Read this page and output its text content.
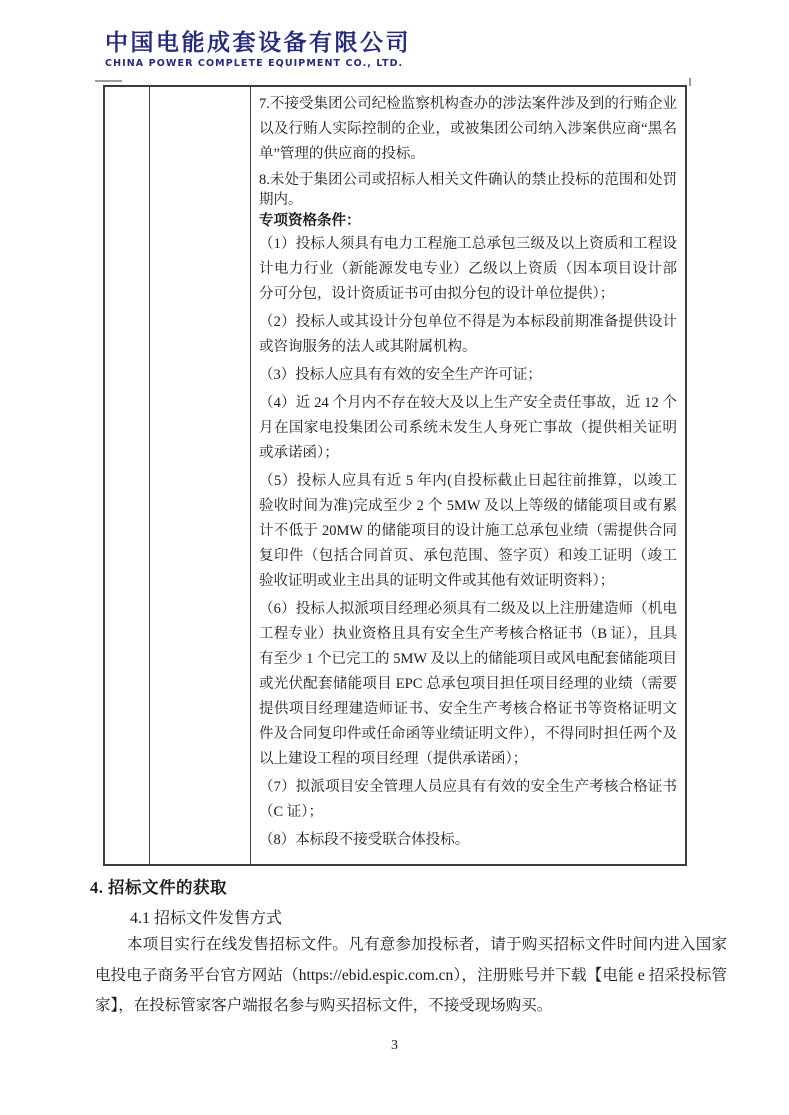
中国电能成套设备有限公司
CHINA POWER COMPLETE EQUIPMENT CO., LTD.

7.不接受集团公司纪检监察机构查办的涉法案件涉及到的行贿企业以及行贿人实际控制的企业，或被集团公司纳入涉案供应商“黑名单”管理的供应商的投标。

8.未处于集团公司或招标人相关文件确认的禁止投标的范围和处罚期内。

专项资格条件：

（1）投标人须具有电力工程施工总承包三级及以上资质和工程设计电力行业（新能源发电专业）乙级以上资质（因本项目设计部分可分包，设计资质证书可由拟分包的设计单位提供）；

（2）投标人或其设计分包单位不得是为本标段前期准备提供设计或咨询服务的法人或其附属机构。

（3）投标人应具有有效的安全生产许可证；

（4）近 24 个月内不存在较大及以上生产安全责任事故，近 12 个月在国家电投集团公司系统未发生人身死亡事故（提供相关证明或承诺函）；

（5）投标人应具有近 5 年内(自投标截止日起往前推算，以竣工验收时间为准)完成至少 2 个 5MW 及以上等级的储能项目或有累计不低于 20MW 的储能项目的设计施工总承包业绩（需提供合同复印件（包括合同首页、承包范围、签字页）和竣工证明（竣工验收证明或业主出具的证明文件或其他有效证明资料）；

（6）投标人拟派项目经理必须具有二级及以上注册建造师（机电工程专业）执业资格且具有安全生产考核合格证书（B 证），且具有至少 1 个已完工的 5MW 及以上的储能项目或风电配套储能项目或光伏配套储能项目 EPC 总承包项目担任项目经理的业绩（需要提供项目经理建造师证书、安全生产考核合格证书等资格证明文件及合同复印件或任命函等业绩证明文件），不得同时担任两个及以上建设工程的项目经理（提供承诺函）；

（7）拟派项目安全管理人员应具有有效的安全生产考核合格证书（C 证）；

（8）本标段不接受联合体投标。

4. 招标文件的获取
4.1 招标文件发售方式
本项目实行在线发售招标文件。凡有意参加投标者，请于购买招标文件时间内进入国家电投电子商务平台官方网站（https://ebid.espic.com.cn），注册账号并下载【电能 e 招采投标管家】，在投标管家客户端报名参与购买招标文件，不接受现场购买。
3
